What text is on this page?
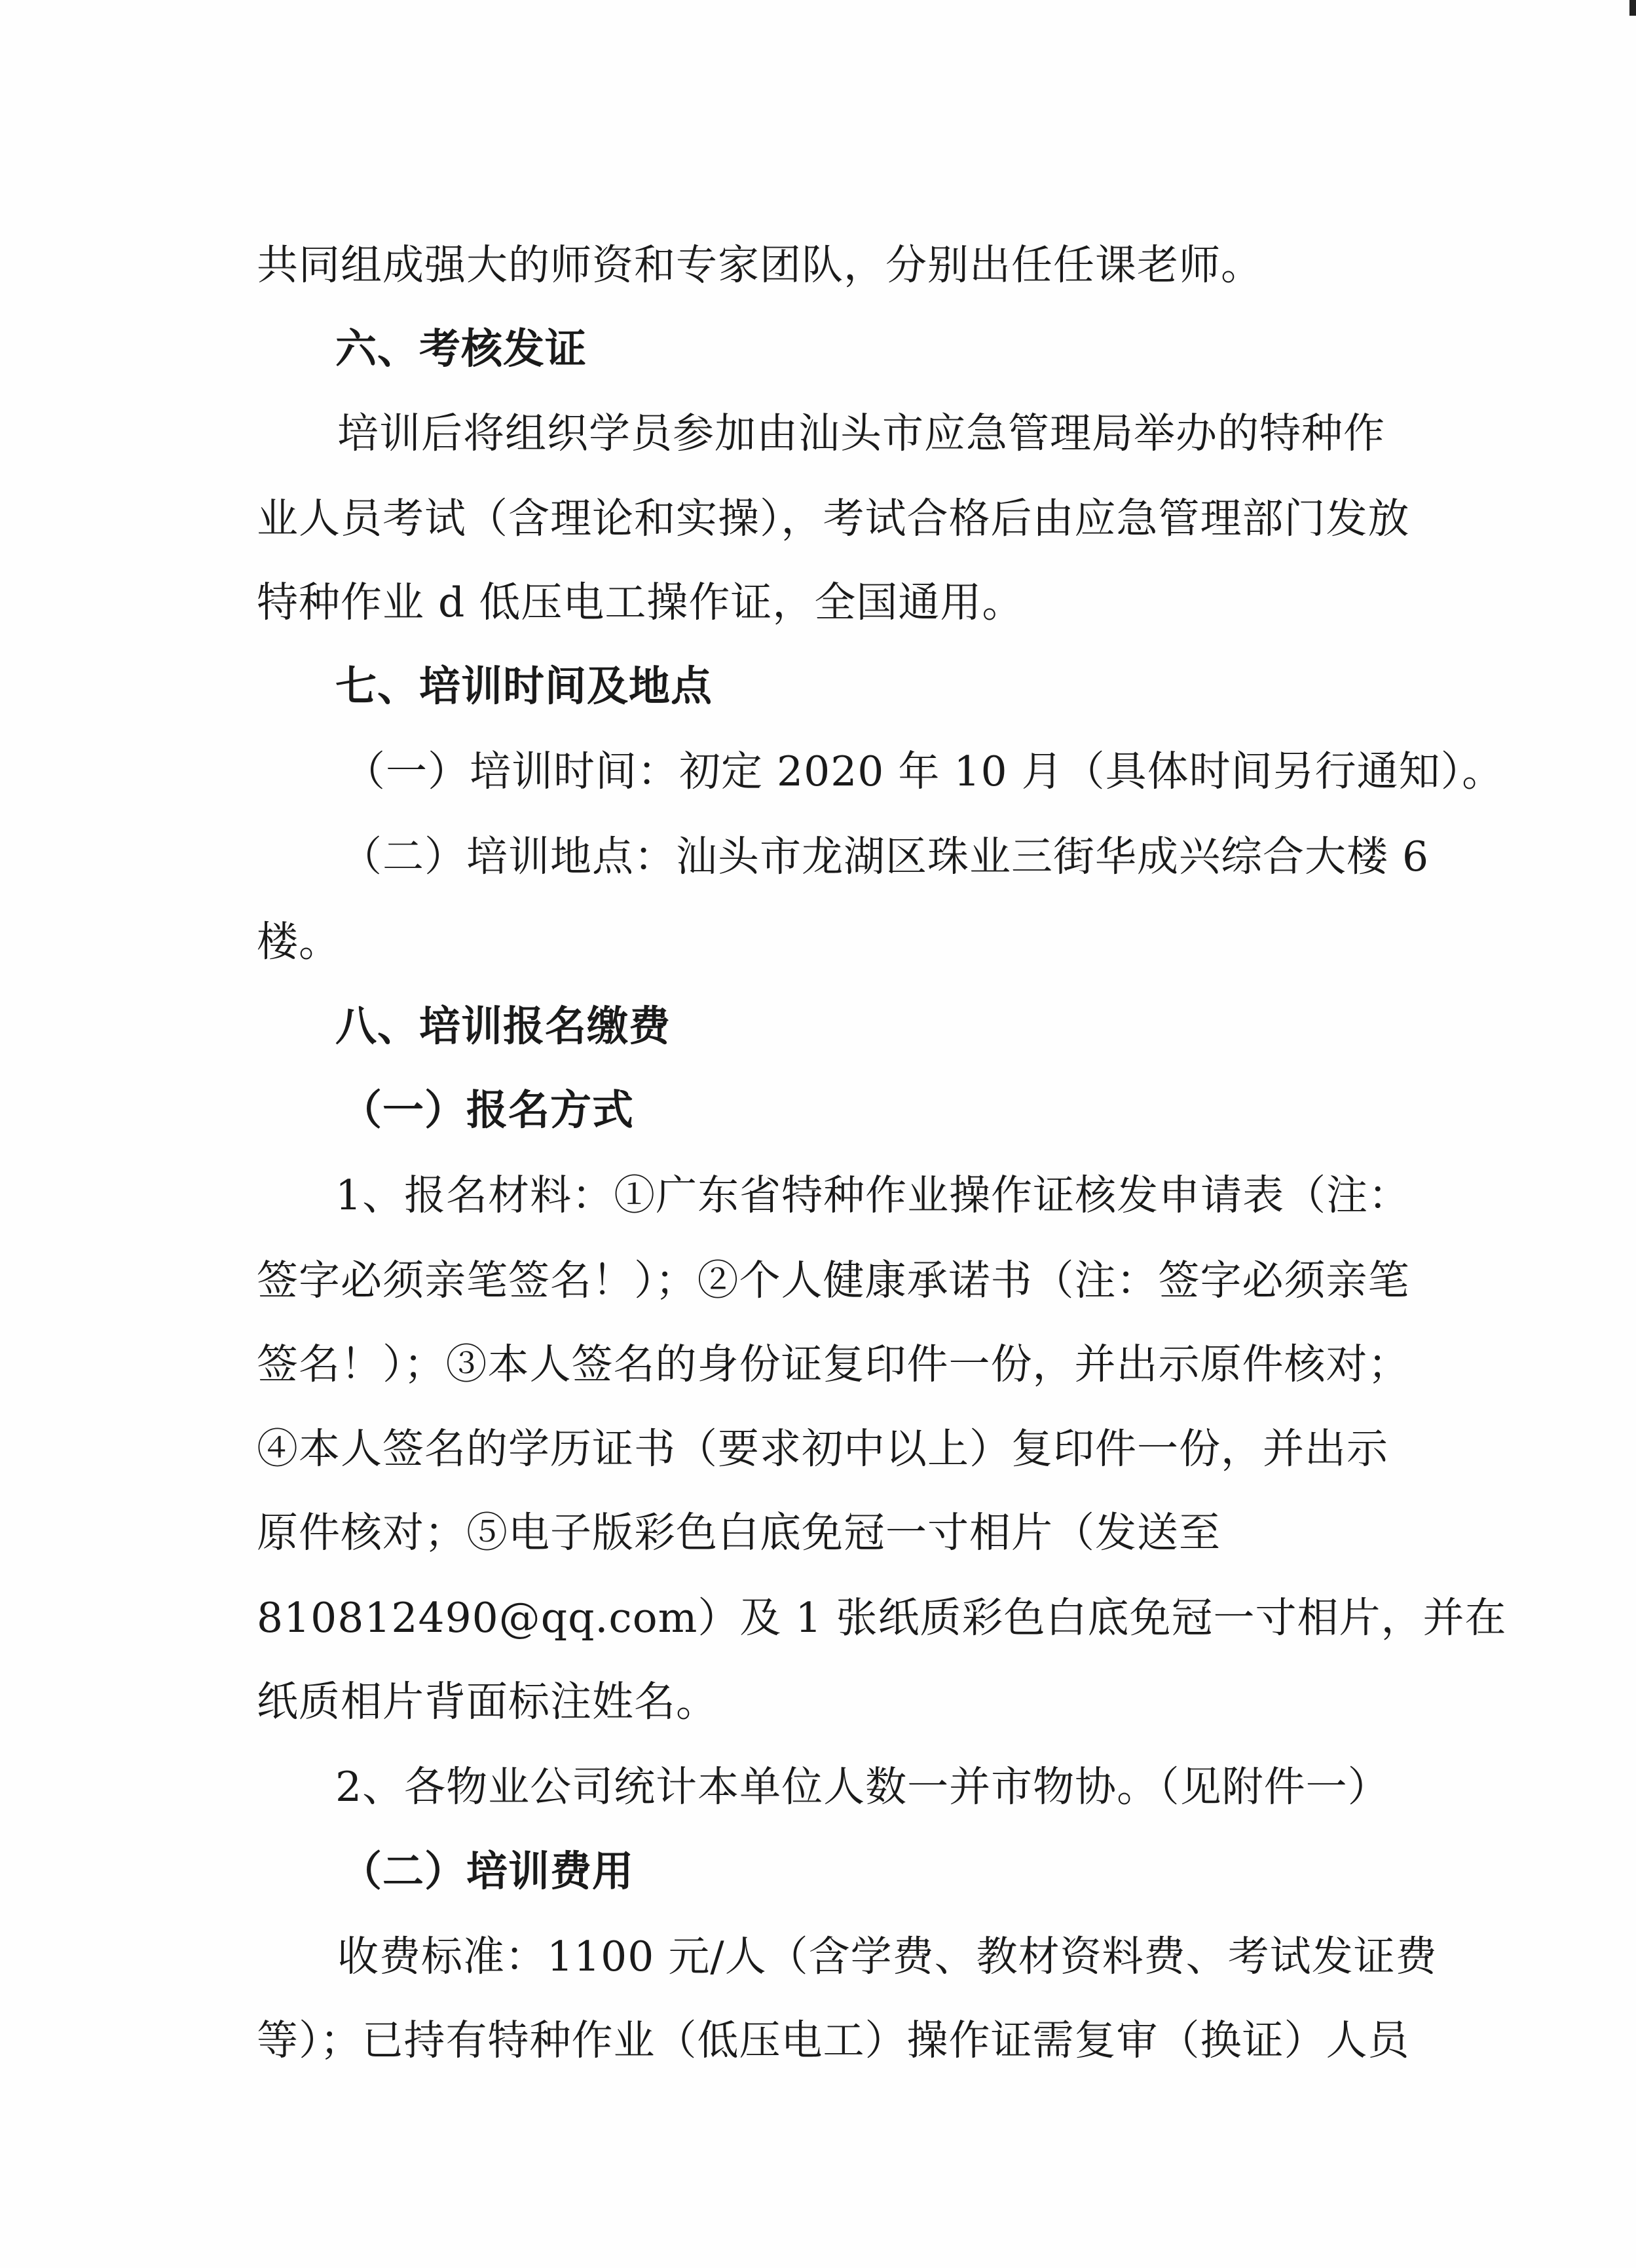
共同组成强大的师资和专家团队，分别出任任课老师。

六、考核发证

培训后将组织学员参加由汕头市应急管理局举办的特种作

业人员考试（含理论和实操），考试合格后由应急管理部门发放

特种作业 d 低压电工操作证，全国通用。

七、培训时间及地点

（一）培训时间：初定 2020 年 10 月（具体时间另行通知）。

（二）培训地点：汕头市龙湖区珠业三街华成兴综合大楼 6

楼。

八、培训报名缴费

（一）报名方式

1、报名材料：①广东省特种作业操作证核发申请表（注：

签字必须亲笔签名！）；②个人健康承诺书（注：签字必须亲笔

签名！）；③本人签名的身份证复印件一份，并出示原件核对；

④本人签名的学历证书（要求初中以上）复印件一份，并出示

原件核对；⑤电子版彩色白底免冠一寸相片（发送至

810812490@qq.com）及 1 张纸质彩色白底免冠一寸相片，并在

纸质相片背面标注姓名。

2、各物业公司统计本单位人数一并市物协。（见附件一）

（二）培训费用

收费标准：1100 元/人（含学费、教材资料费、考试发证费

等）；已持有特种作业（低压电工）操作证需复审（换证）人员
